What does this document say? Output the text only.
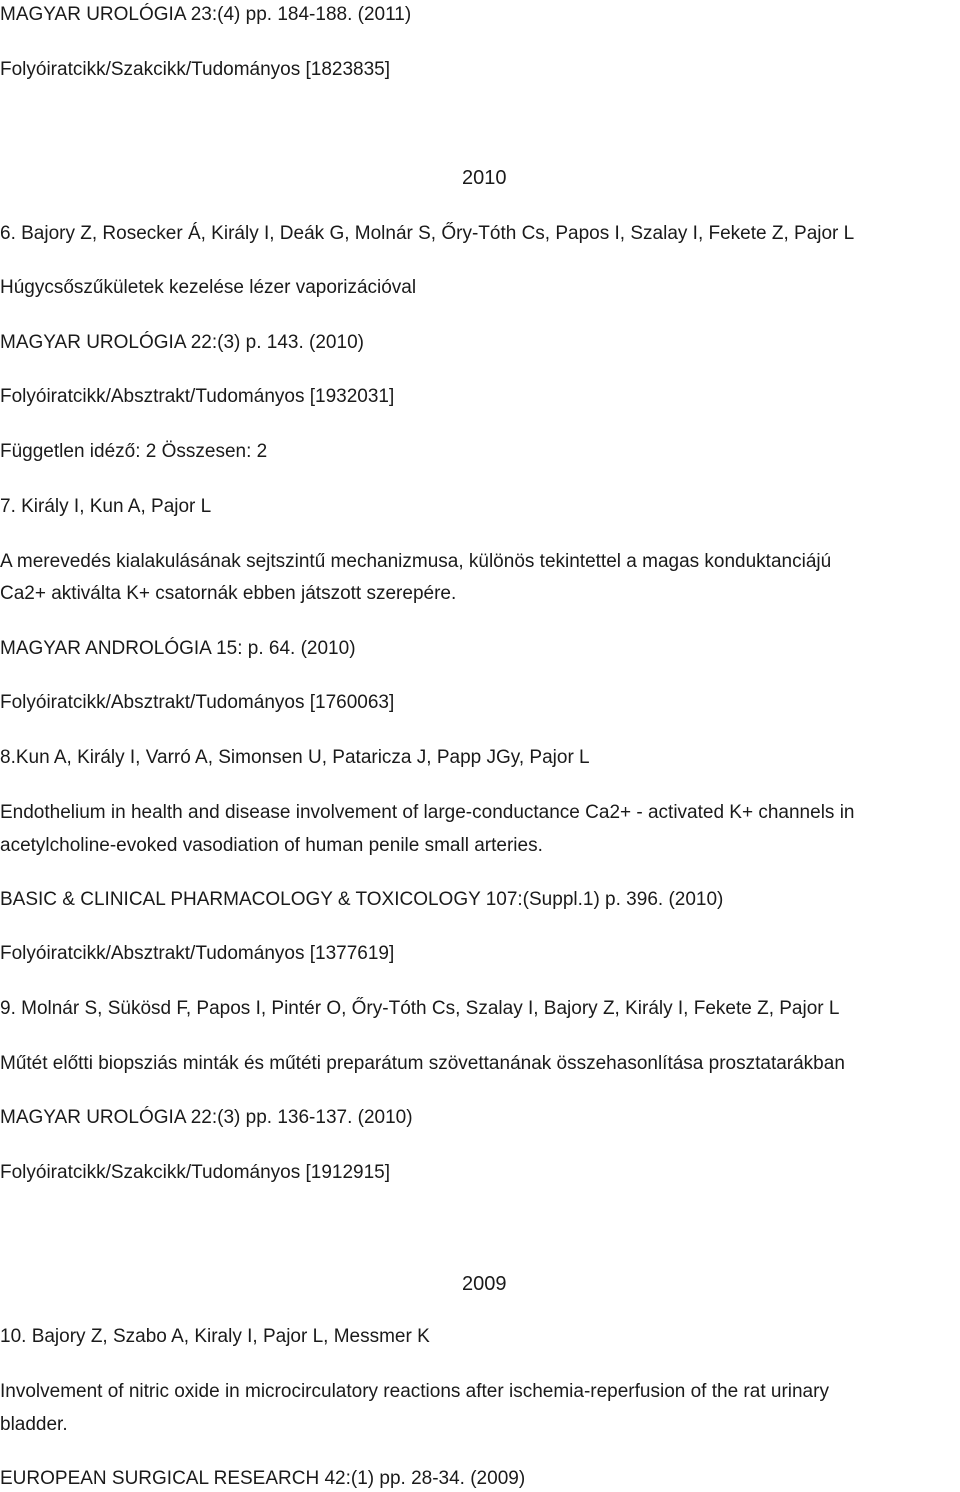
MAGYAR UROLÓGIA 23:(4) pp. 184-188. (2011)
Folyóiratcikk/Szakcikk/Tudományos [1823835]
2010
6. Bajory Z, Rosecker Á, Király I, Deák G, Molnár S, Őry-Tóth Cs, Papos I, Szalay I, Fekete Z, Pajor L
Húgycsőszűkületek kezelése lézer vaporizációval
MAGYAR UROLÓGIA 22:(3) p. 143. (2010)
Folyóiratcikk/Absztrakt/Tudományos [1932031]
Független idéző: 2 Összesen: 2
7. Király I, Kun A, Pajor L
A merevedés kialakulásának sejtszintű mechanizmusa, különös tekintettel a magas konduktanciájú
Ca2+ aktiválta K+ csatornák ebben játszott szerepére.
MAGYAR ANDROLÓGIA 15: p. 64. (2010)
Folyóiratcikk/Absztrakt/Tudományos [1760063]
8.Kun A, Király I, Varró A, Simonsen U, Pataricza J, Papp JGy, Pajor L
Endothelium in health and disease involvement of large-conductance Ca2+ - activated K+ channels in
acetylcholine-evoked vasodiation of human penile small arteries.
BASIC & CLINICAL PHARMACOLOGY & TOXICOLOGY 107:(Suppl.1) p. 396. (2010)
Folyóiratcikk/Absztrakt/Tudományos [1377619]
9. Molnár S, Sükösd F, Papos I, Pintér O, Őry-Tóth Cs, Szalay I, Bajory Z, Király I, Fekete Z, Pajor L
Műtét előtti biopsziás minták és műtéti preparátum szövettanának összehasonlítása prosztatarákban
MAGYAR UROLÓGIA 22:(3) pp. 136-137. (2010)
Folyóiratcikk/Szakcikk/Tudományos [1912915]
2009
10. Bajory Z, Szabo A, Kiraly I, Pajor L, Messmer K
Involvement of nitric oxide in microcirculatory reactions after ischemia-reperfusion of the rat urinary
bladder.
EUROPEAN SURGICAL RESEARCH 42:(1) pp. 28-34. (2009)
